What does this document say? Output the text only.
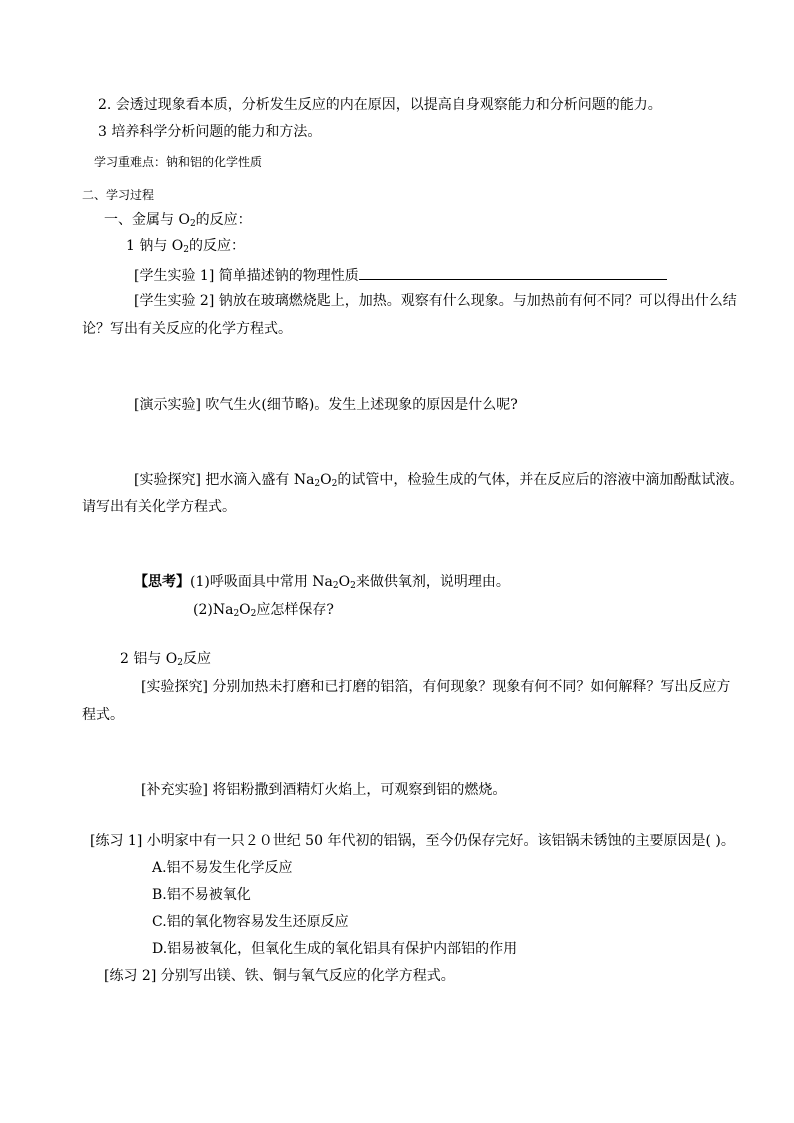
2. 会透过现象看本质，分析发生反应的内在原因，以提高自身观察能力和分析问题的能力。
3 培养科学分析问题的能力和方法。
学习重难点：钠和铝的化学性质
二、学习过程
一、金属与 $O_2$的反应：
1 钠与 $O_2$的反应：
[学生实验 1] 简单描述钠的物理性质
[学生实验 2] 钠放在玻璃燃烧匙上，加热。观察有什么现象。与加热前有何不同？可以得出什么结
论？写出有关反应的化学方程式。
[演示实验] 吹气生火(细节略)。发生上述现象的原因是什么呢?
[实验探究] 把水滴入盛有 $Na_2O_2$的试管中，检验生成的气体，并在反应后的溶液中滴加酚酞试液。
请写出有关化学方程式。
【思考】(1)呼吸面具中常用 $Na_2O_2$来做供氧剂，说明理由。
$(2)Na_2O_2$应怎样保存?
2 铝与 $O_2$反应
[实验探究] 分别加热未打磨和已打磨的铝箔，有何现象？现象有何不同？如何解释？写出反应方
程式。
[补充实验] 将铝粉撒到酒精灯火焰上，可观察到铝的燃烧。
[练习 1] 小明家中有一只２０世纪 50 年代初的铝锅，至今仍保存完好。该铝锅未锈蚀的主要原因是( )。
A.铝不易发生化学反应
B.铝不易被氧化
C.铝的氧化物容易发生还原反应
D.铝易被氧化，但氧化生成的氧化铝具有保护内部铝的作用
[练习 2] 分别写出镁、铁、铜与氧气反应的化学方程式。
